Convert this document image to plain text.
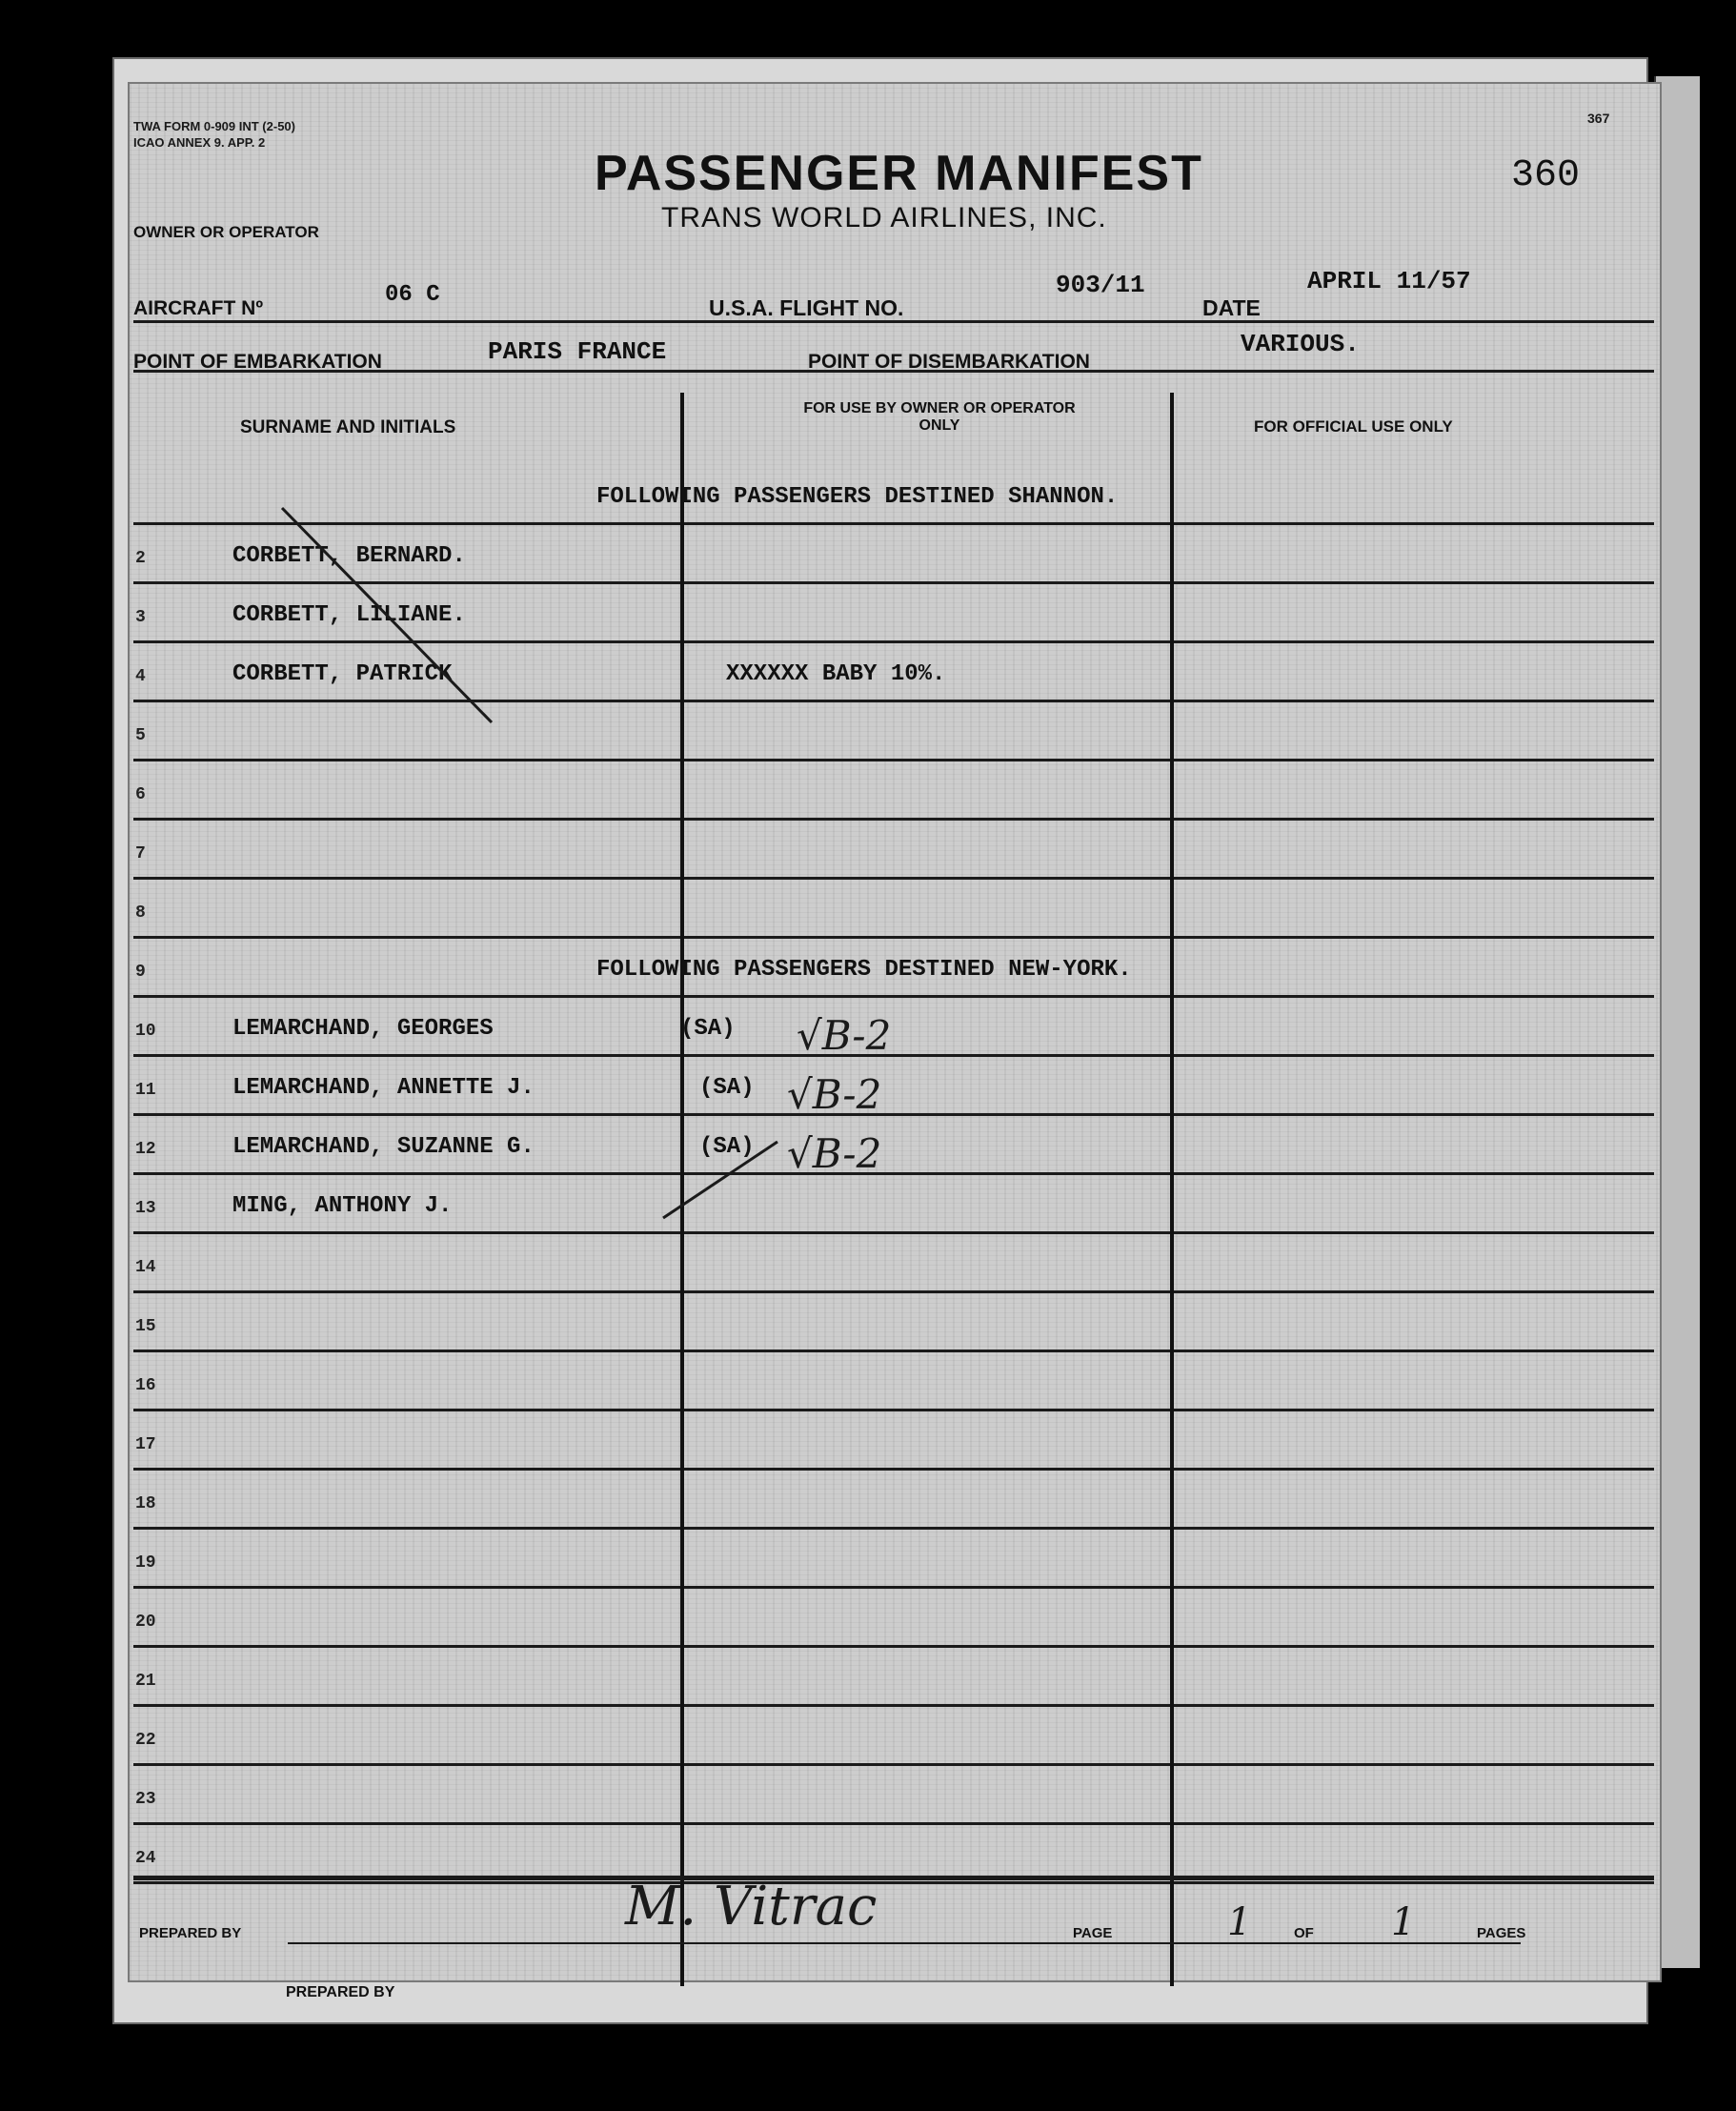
TWA FORM 0-909 INT (2-50)
ICAO ANNEX 9. APP. 2
367
360
PASSENGER MANIFEST
TRANS WORLD AIRLINES, INC.
OWNER OR OPERATOR
AIRCRAFT Nº
06 C	U.S.A. FLIGHT NO.
903/11
DATE
APRIL 11/57
POINT OF EMBARKATION	PARIS FRANCE	POINT OF DISEMBARKATION
VARIOUS.
SURNAME AND INITIALS
FOR USE BY OWNER OR OPERATOR ONLY	FOR OFFICIAL USE ONLY
FOLLOWING PASSENGERS DESTINED SHANNON.
2	CORBETT, BERNARD.
3	CORBETT, LILIANE.
4	CORBETT, PATRICK	XXXXXX BABY 10%.
5
6
7
8
9	FOLLOWING PASSENGERS DESTINED NEW-YORK.
10	LEMARCHAND, GEORGES	(SA) √B-2
11	LEMARCHAND, ANNETTE J.	(SA) √B-2
12	LEMARCHAND, SUZANNE G.	(SA) √B-2
13	MING, ANTHONY J.
14
15
16
17
18
19
20
21
22
23
24
PREPARED BY	M. Vitrac	PAGE	1	OF 1	PAGES
PREPARED BY
